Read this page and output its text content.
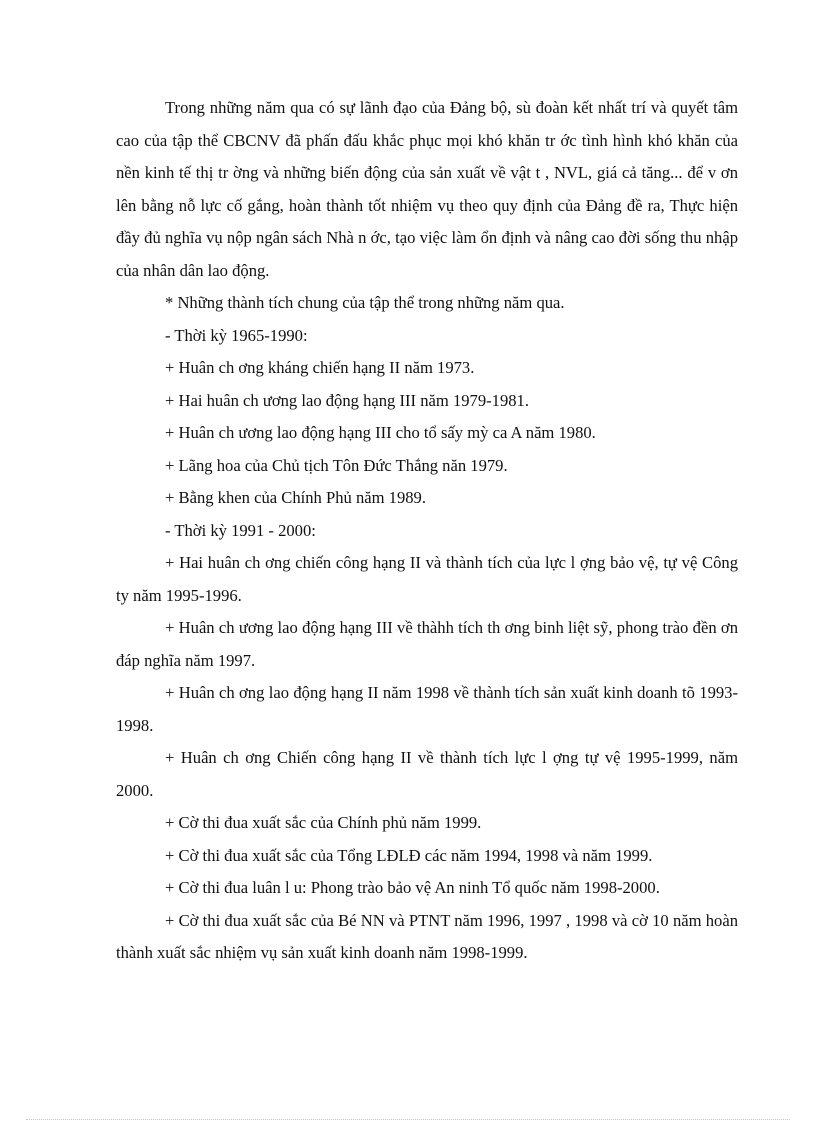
Trong những năm qua có sự lãnh đạo của Đảng bộ, sù đoàn kết nhất trí và quyết tâm cao của tập thể CBCNV đã phấn đấu khắc phục mọi khó khăn tr ớc tình hình khó khăn của nền kinh tế thị tr ờng và những biến động của sản xuất về vật t , NVL, giá cả tăng... để v ơn lên bằng nỗ lực cố gắng, hoàn thành tốt nhiệm vụ theo quy định của Đảng đề ra, Thực hiện đầy đủ nghĩa vụ nộp ngân sách Nhà n ớc, tạo việc làm ổn định và nâng cao đời sống thu nhập của nhân dân lao động.

* Những thành tích chung của tập thể trong những năm qua.

- Thời kỳ 1965-1990:

+ Huân ch ơng kháng chiến hạng II năm 1973.

+ Hai huân ch ương lao động hạng III năm 1979-1981.

+ Huân ch ương lao động hạng III cho tổ sấy mỳ ca A năm 1980.

+ Lãng hoa của Chủ tịch Tôn Đức Thắng năn 1979.

+ Bằng khen của Chính Phủ năm 1989.

- Thời kỳ 1991 - 2000:

+ Hai huân ch ơng chiến công hạng II và thành tích của lực l ợng bảo vệ, tự vệ Công ty năm 1995-1996.

+ Huân ch ương lao động hạng III về thàhh tích th ơng binh liệt sỹ, phong trào đền ơn đáp nghĩa năm 1997.

+ Huân ch ơng lao động hạng II năm 1998 về thành tích sản xuất kinh doanh tõ 1993-1998.

+ Huân ch ơng Chiến công hạng II về thành tích lực l ợng tự vệ 1995-1999, năm 2000.

+ Cờ thi đua xuất sắc của Chính phủ năm 1999.

+ Cờ thi đua xuất sắc của Tổng LĐLĐ các năm 1994, 1998 và năm 1999.

+ Cờ thi đua luân l u: Phong trào bảo vệ An ninh Tổ quốc năm 1998-2000.

+ Cờ thi đua xuất sắc của Bé NN và PTNT năm 1996, 1997 , 1998 và cờ 10 năm hoàn thành xuất sắc nhiệm vụ sản xuất kinh doanh năm 1998-1999.
